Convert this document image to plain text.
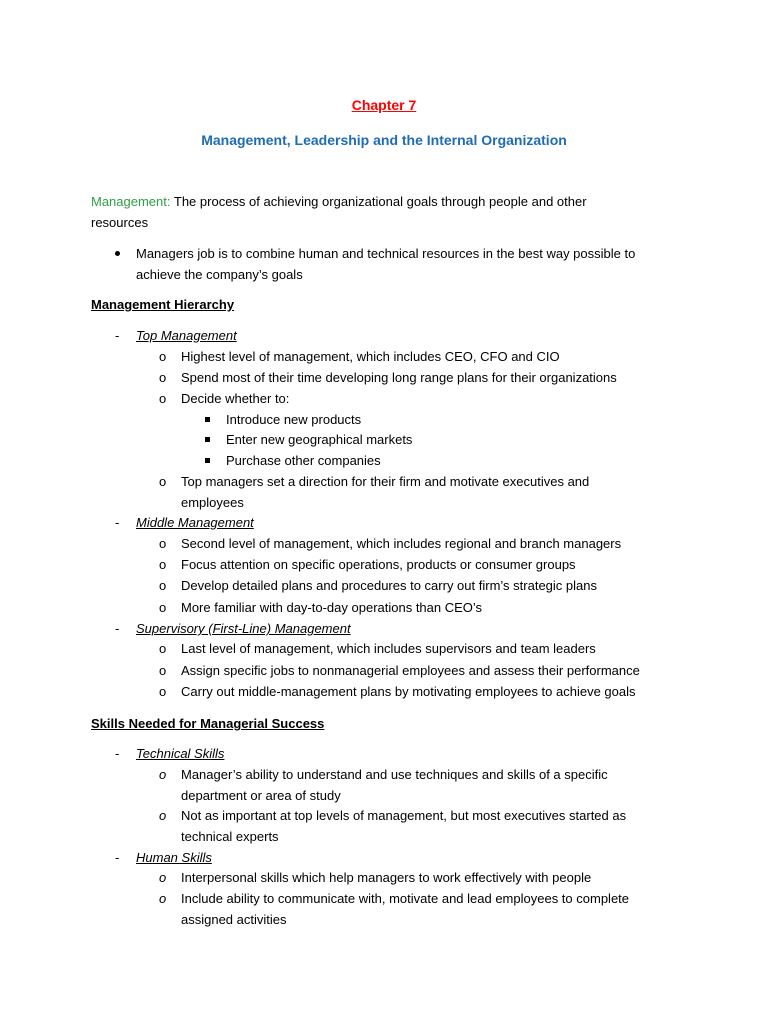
Chapter 7
Management, Leadership and the Internal Organization
Management: The process of achieving organizational goals through people and other
resources
Managers job is to combine human and technical resources in the best way possible to
achieve the company’s goals
Management Hierarchy
- Top Management
o Highest level of management, which includes CEO, CFO and CIO
o Spend most of their time developing long range plans for their organizations
o Decide whether to:
Introduce new products
Enter new geographical markets
Purchase other companies
o Top managers set a direction for their firm and motivate executives and
employees
- Middle Management
o Second level of management, which includes regional and branch managers
o Focus attention on specific operations, products or consumer groups
o Develop detailed plans and procedures to carry out firm’s strategic plans
o More familiar with day-to-day operations than CEO’s
- Supervisory (First-Line) Management
o Last level of management, which includes supervisors and team leaders
o Assign specific jobs to nonmanagerial employees and assess their performance
o Carry out middle-management plans by motivating employees to achieve goals
Skills Needed for Managerial Success
- Technical Skills
o Manager’s ability to understand and use techniques and skills of a specific
department or area of study
o Not as important at top levels of management, but most executives started as
technical experts
- Human Skills
o Interpersonal skills which help managers to work effectively with people
o Include ability to communicate with, motivate and lead employees to complete
assigned activities
